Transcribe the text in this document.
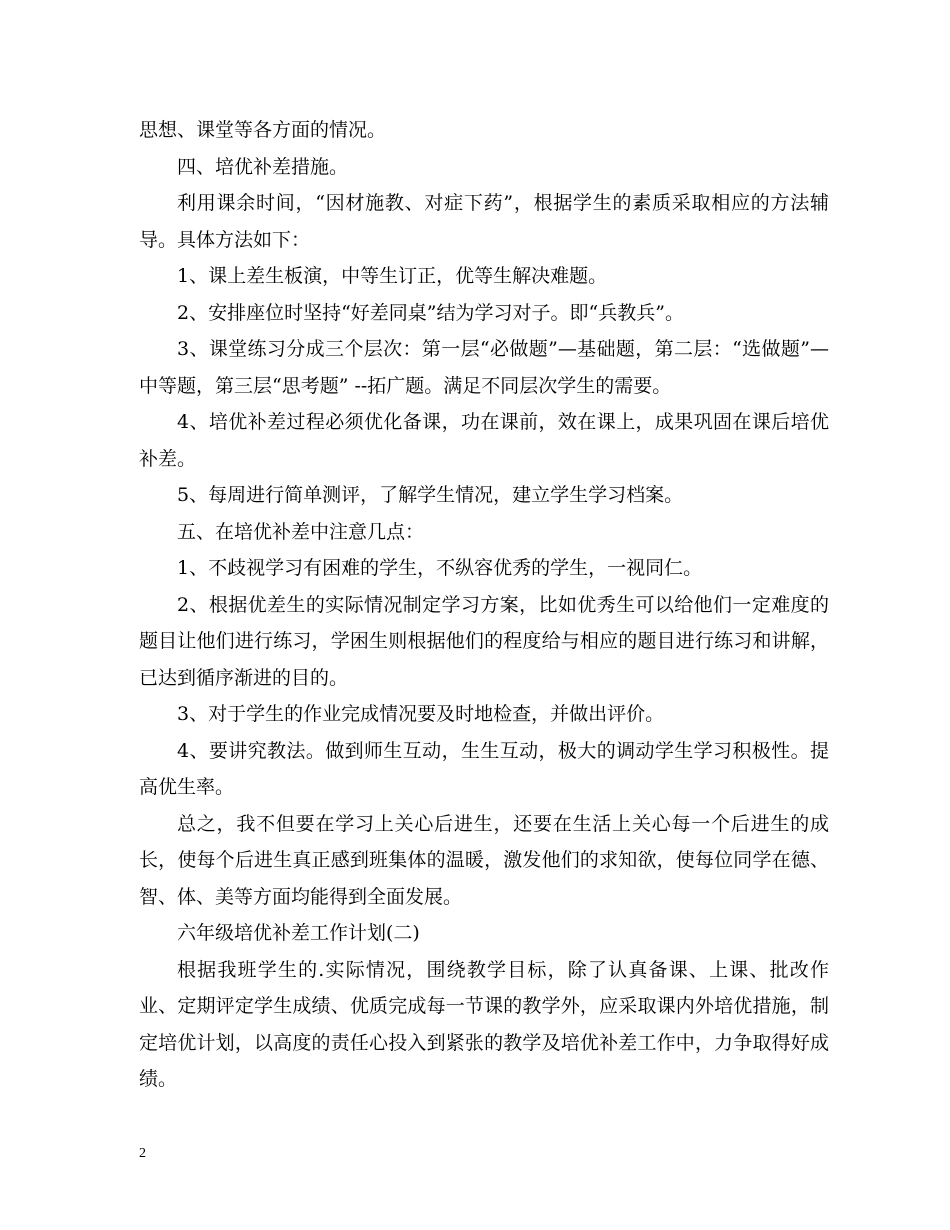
思想、课堂等各方面的情况。

四、培优补差措施。

利用课余时间，“因材施教、对症下药”，根据学生的素质采取相应的方法辅导。具体方法如下：

1、课上差生板演，中等生订正，优等生解决难题。

2、安排座位时坚持“好差同桌”结为学习对子。即“兵教兵”。

3、课堂练习分成三个层次：第一层“必做题”—基础题，第二层：“选做题”—中等题，第三层“思考题” --拓广题。满足不同层次学生的需要。

4、培优补差过程必须优化备课，功在课前，效在课上，成果巩固在课后培优补差。

5、每周进行简单测评，了解学生情况，建立学生学习档案。

五、在培优补差中注意几点：

1、不歧视学习有困难的学生，不纵容优秀的学生，一视同仁。

2、根据优差生的实际情况制定学习方案，比如优秀生可以给他们一定难度的题目让他们进行练习，学困生则根据他们的程度给与相应的题目进行练习和讲解，已达到循序渐进的目的。

3、对于学生的作业完成情况要及时地检查，并做出评价。

4、要讲究教法。做到师生互动，生生互动，极大的调动学生学习积极性。提高优生率。

总之，我不但要在学习上关心后进生，还要在生活上关心每一个后进生的成长，使每个后进生真正感到班集体的温暖，激发他们的求知欲，使每位同学在德、智、体、美等方面均能得到全面发展。

六年级培优补差工作计划(二)

根据我班学生的.实际情况，围绕教学目标，除了认真备课、上课、批改作业、定期评定学生成绩、优质完成每一节课的教学外，应采取课内外培优措施，制定培优计划，以高度的责任心投入到紧张的教学及培优补差工作中，力争取得好成绩。

2
